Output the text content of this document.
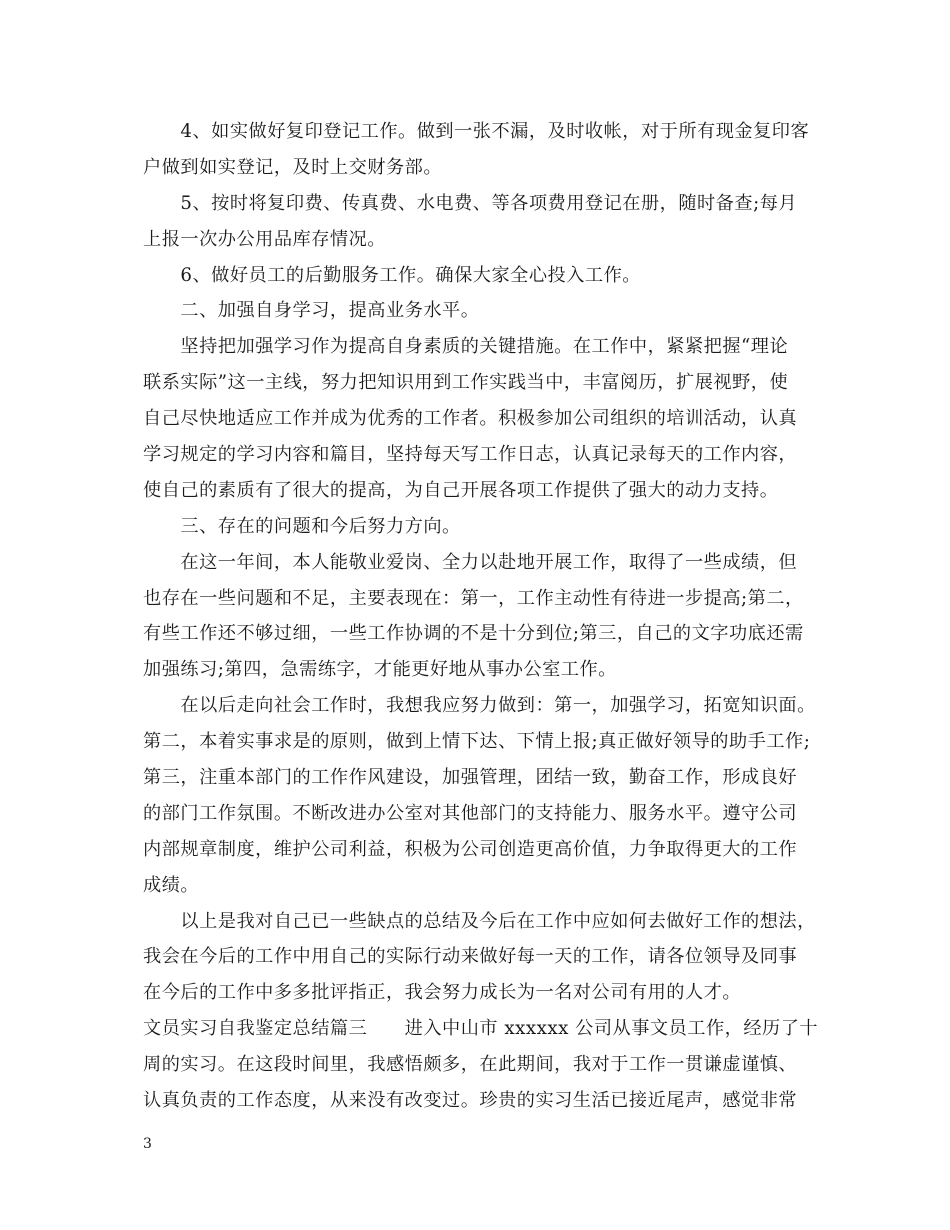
　　4、如实做好复印登记工作。做到一张不漏，及时收帐，对于所有现金复印客
户做到如实登记，及时上交财务部。
　　5、按时将复印费、传真费、水电费、等各项费用登记在册，随时备查;每月
上报一次办公用品库存情况。
　　6、做好员工的后勤服务工作。确保大家全心投入工作。
　　二、加强自身学习，提高业务水平。
　　坚持把加强学习作为提高自身素质的关键措施。在工作中，紧紧把握“理论
联系实际”这一主线，努力把知识用到工作实践当中，丰富阅历，扩展视野，使
自己尽快地适应工作并成为优秀的工作者。积极参加公司组织的培训活动，认真
学习规定的学习内容和篇目，坚持每天写工作日志，认真记录每天的工作内容，
使自己的素质有了很大的提高，为自己开展各项工作提供了强大的动力支持。
　　三、存在的问题和今后努力方向。
　　在这一年间，本人能敬业爱岗、全力以赴地开展工作，取得了一些成绩，但
也存在一些问题和不足，主要表现在：第一，工作主动性有待进一步提高;第二，
有些工作还不够过细，一些工作协调的不是十分到位;第三，自己的文字功底还需
加强练习;第四，急需练字，才能更好地从事办公室工作。
　　在以后走向社会工作时，我想我应努力做到：第一，加强学习，拓宽知识面。
第二，本着实事求是的原则，做到上情下达、下情上报;真正做好领导的助手工作;
第三，注重本部门的工作作风建设，加强管理，团结一致，勤奋工作，形成良好
的部门工作氛围。不断改进办公室对其他部门的支持能力、服务水平。遵守公司
内部规章制度，维护公司利益，积极为公司创造更高价值，力争取得更大的工作
成绩。
　　以上是我对自己已一些缺点的总结及今后在工作中应如何去做好工作的想法，
我会在今后的工作中用自己的实际行动来做好每一天的工作，请各位领导及同事
在今后的工作中多多批评指正，我会努力成长为一名对公司有用的人才。
文员实习自我鉴定总结篇三　　进入中山市 xxxxxx 公司从事文员工作，经历了十
周的实习。在这段时间里，我感悟颇多，在此期间，我对于工作一贯谦虚谨慎、
认真负责的工作态度，从来没有改变过。珍贵的实习生活已接近尾声，感觉非常
3
